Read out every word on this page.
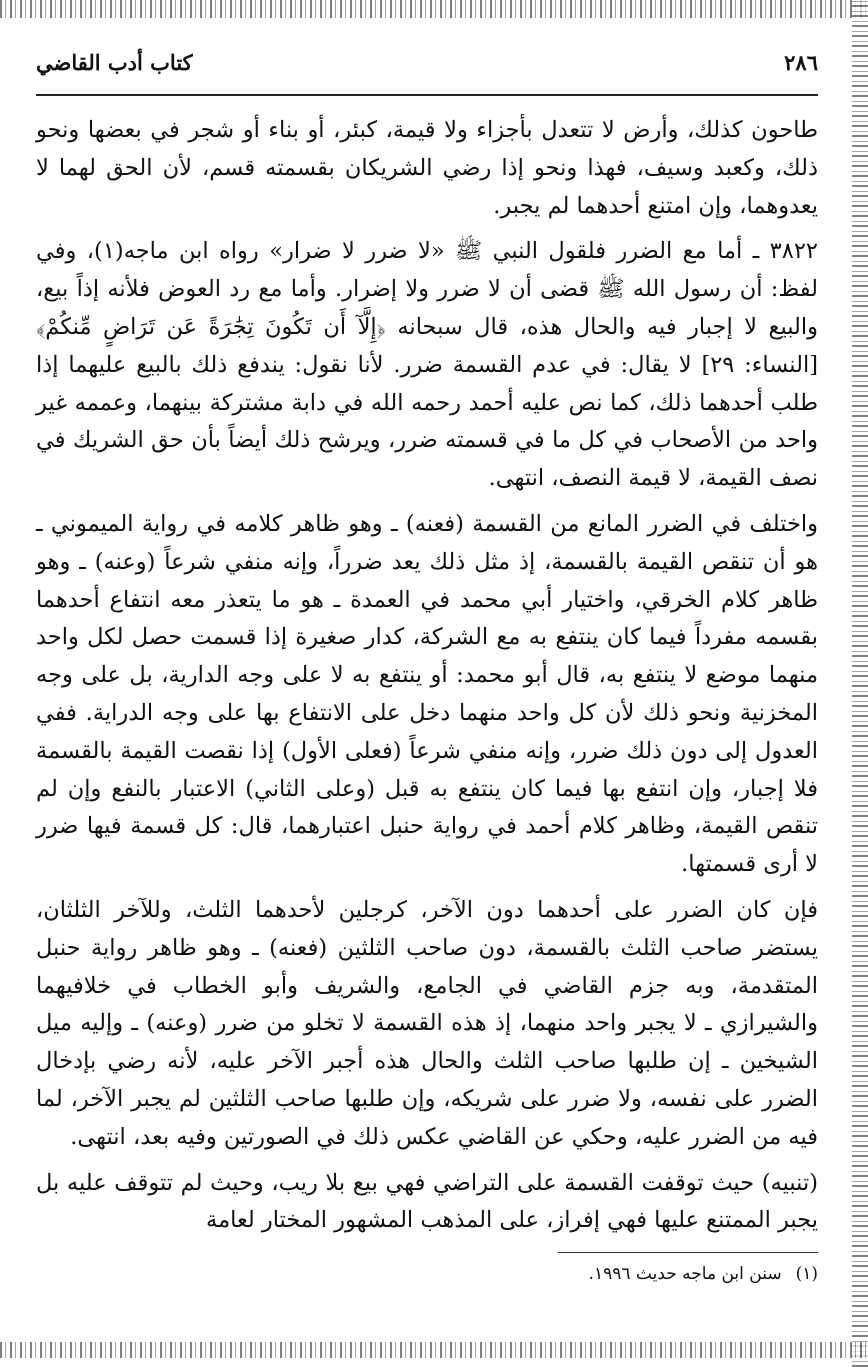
٢٨٦
كتاب أدب القاضي

طاحون كذلك، وأرض لا تتعدل بأجزاء ولا قيمة، كبئر، أو بناء أو شجر في بعضها ونحو ذلك، وكعبد وسيف، فهذا ونحو إذا رضي الشريكان بقسمته قسم، لأن الحق لهما لا يعدوهما، وإن امتنع أحدهما لم يجبر.

٣٨٢٢ ـ أما مع الضرر فلقول النبي ﷺ «لا ضرر لا ضرار» رواه ابن ماجه(١)، وفي لفظ: أن رسول الله ﷺ قضى أن لا ضرر ولا إضرار. وأما مع رد العوض فلأنه إذاً بيع، والبيع لا إجبار فيه والحال هذه، قال سبحانه ﴿إِلَّآ أَن تَكُونَ تِجَٰرَةً عَن تَرَاضٍ مِّنكُمْ﴾ [النساء: ٢٩] لا يقال: في عدم القسمة ضرر. لأنا نقول: يندفع ذلك بالبيع عليهما إذا طلب أحدهما ذلك، كما نص عليه أحمد رحمه الله في دابة مشتركة بينهما، وعممه غير واحد من الأصحاب في كل ما في قسمته ضرر، ويرشح ذلك أيضاً بأن حق الشريك في نصف القيمة، لا قيمة النصف، انتهى.

واختلف في الضرر المانع من القسمة (فعنه) ـ وهو ظاهر كلامه في رواية الميموني ـ هو أن تنقص القيمة بالقسمة، إذ مثل ذلك يعد ضرراً، وإنه منفي شرعاً (وعنه) ـ وهو ظاهر كلام الخرقي، واختيار أبي محمد في العمدة ـ هو ما يتعذر معه انتفاع أحدهما بقسمه مفرداً فيما كان ينتفع به مع الشركة، كدار صغيرة إذا قسمت حصل لكل واحد منهما موضع لا ينتفع به، قال أبو محمد: أو ينتفع به لا على وجه الدارية، بل على وجه المخزنية ونحو ذلك لأن كل واحد منهما دخل على الانتفاع بها على وجه الدراية. ففي العدول إلى دون ذلك ضرر، وإنه منفي شرعاً (فعلى الأول) إذا نقصت القيمة بالقسمة فلا إجبار، وإن انتفع بها فيما كان ينتفع به قبل (وعلى الثاني) الاعتبار بالنفع وإن لم تنقص القيمة، وظاهر كلام أحمد في رواية حنبل اعتبارهما، قال: كل قسمة فيها ضرر لا أرى قسمتها.

فإن كان الضرر على أحدهما دون الآخر، كرجلين لأحدهما الثلث، وللآخر الثلثان، يستضر صاحب الثلث بالقسمة، دون صاحب الثلثين (فعنه) ـ وهو ظاهر رواية حنبل المتقدمة، وبه جزم القاضي في الجامع، والشريف وأبو الخطاب في خلافيهما والشيرازي ـ لا يجبر واحد منهما، إذ هذه القسمة لا تخلو من ضرر (وعنه) ـ وإليه ميل الشيخين ـ إن طلبها صاحب الثلث والحال هذه أجبر الآخر عليه، لأنه رضي بإدخال الضرر على نفسه، ولا ضرر على شريكه، وإن طلبها صاحب الثلثين لم يجبر الآخر، لما فيه من الضرر عليه، وحكي عن القاضي عكس ذلك في الصورتين وفيه بعد، انتهى.

(تنبيه) حيث توقفت القسمة على التراضي فهي بيع بلا ريب، وحيث لم تتوقف عليه بل يجبر الممتنع عليها فهي إفراز، على المذهب المشهور المختار لعامة

(١)سنن ابن ماجه حديث ١٩٩٦.
